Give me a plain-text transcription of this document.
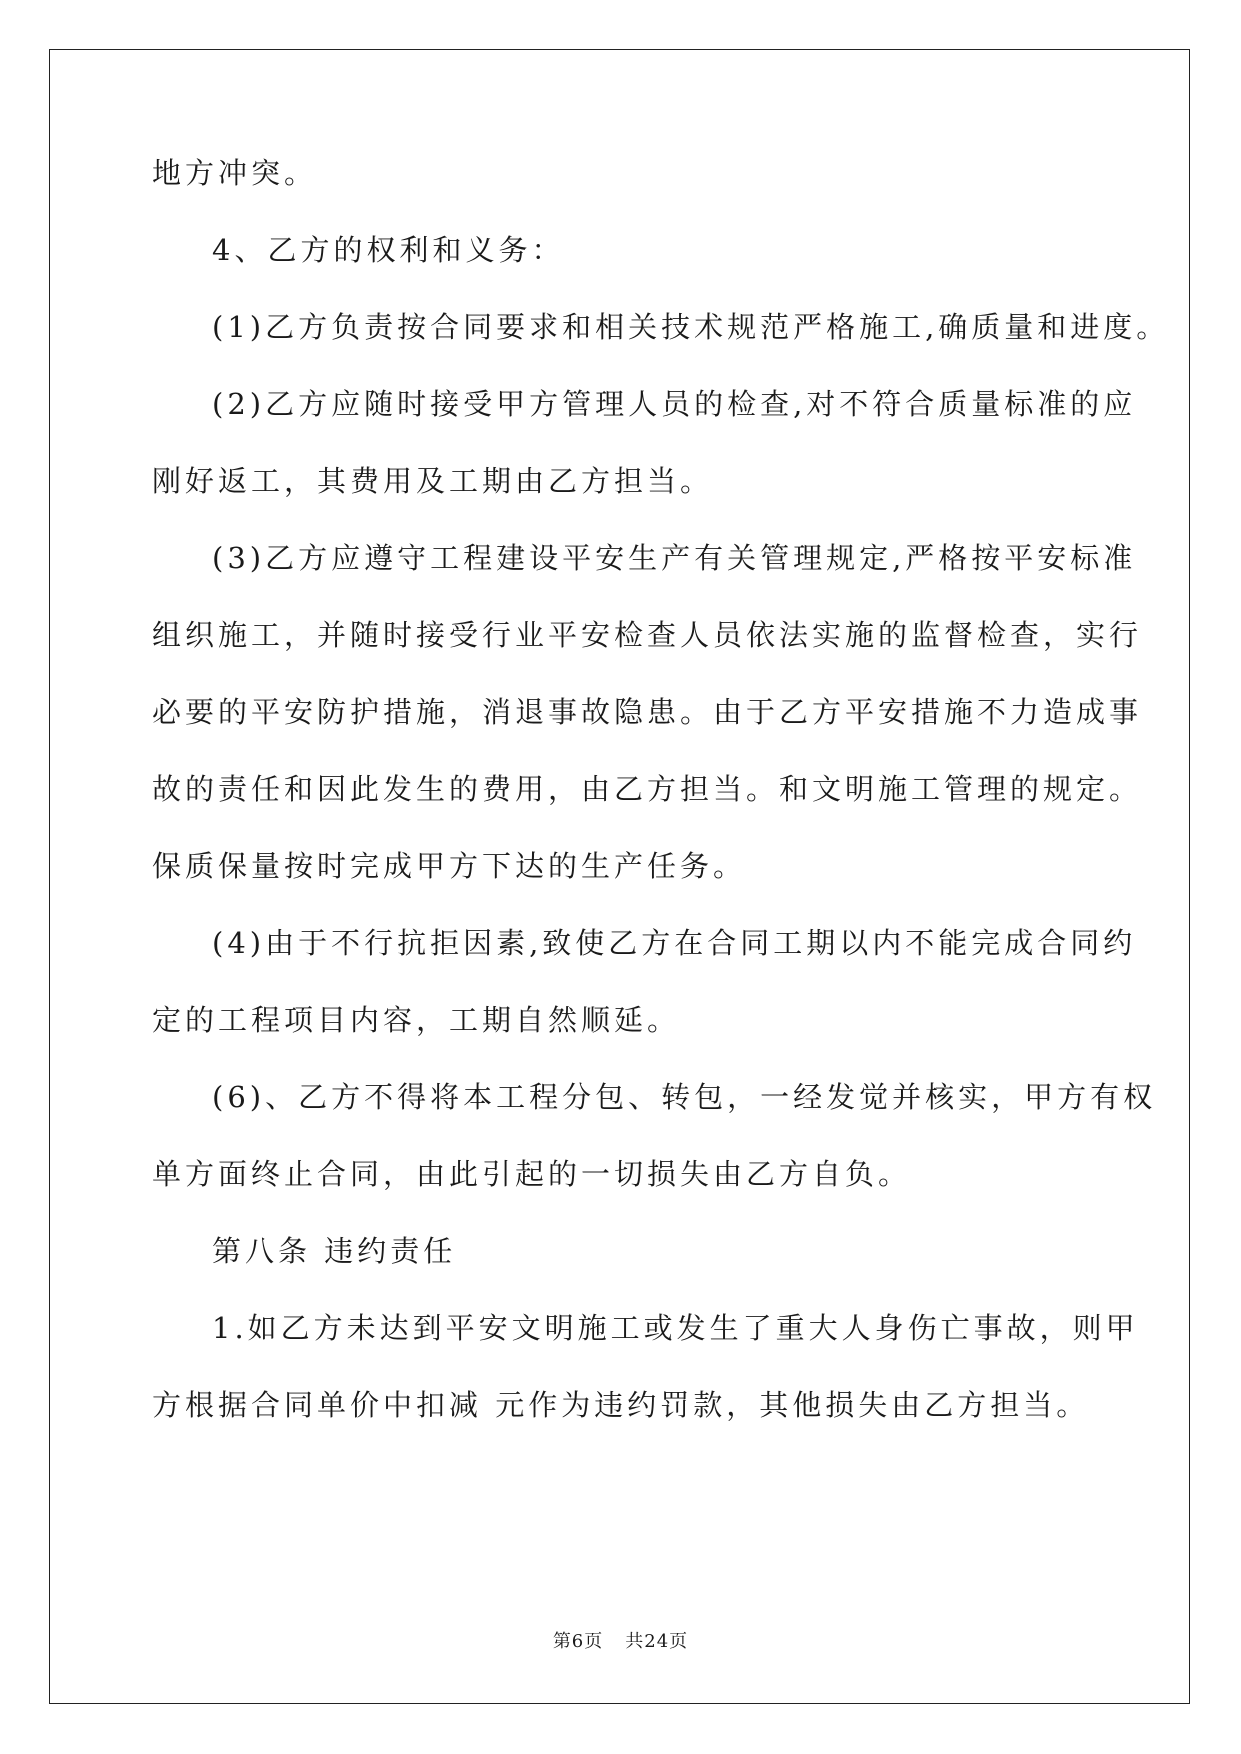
地方冲突。
4、乙方的权利和义务：
(1)乙方负责按合同要求和相关技术规范严格施工,确质量和进度。
(2)乙方应随时接受甲方管理人员的检查,对不符合质量标准的应
刚好返工，其费用及工期由乙方担当。
(3)乙方应遵守工程建设平安生产有关管理规定,严格按平安标准
组织施工，并随时接受行业平安检查人员依法实施的监督检查，实行
必要的平安防护措施，消退事故隐患。由于乙方平安措施不力造成事
故的责任和因此发生的费用，由乙方担当。和文明施工管理的规定。
保质保量按时完成甲方下达的生产任务。
(4)由于不行抗拒因素,致使乙方在合同工期以内不能完成合同约
定的工程项目内容，工期自然顺延。
(6)、乙方不得将本工程分包、转包，一经发觉并核实，甲方有权
单方面终止合同，由此引起的一切损失由乙方自负。
第八条 违约责任
1.如乙方未达到平安文明施工或发生了重大人身伤亡事故，则甲
方根据合同单价中扣减 元作为违约罚款，其他损失由乙方担当。
第6页 共24页
